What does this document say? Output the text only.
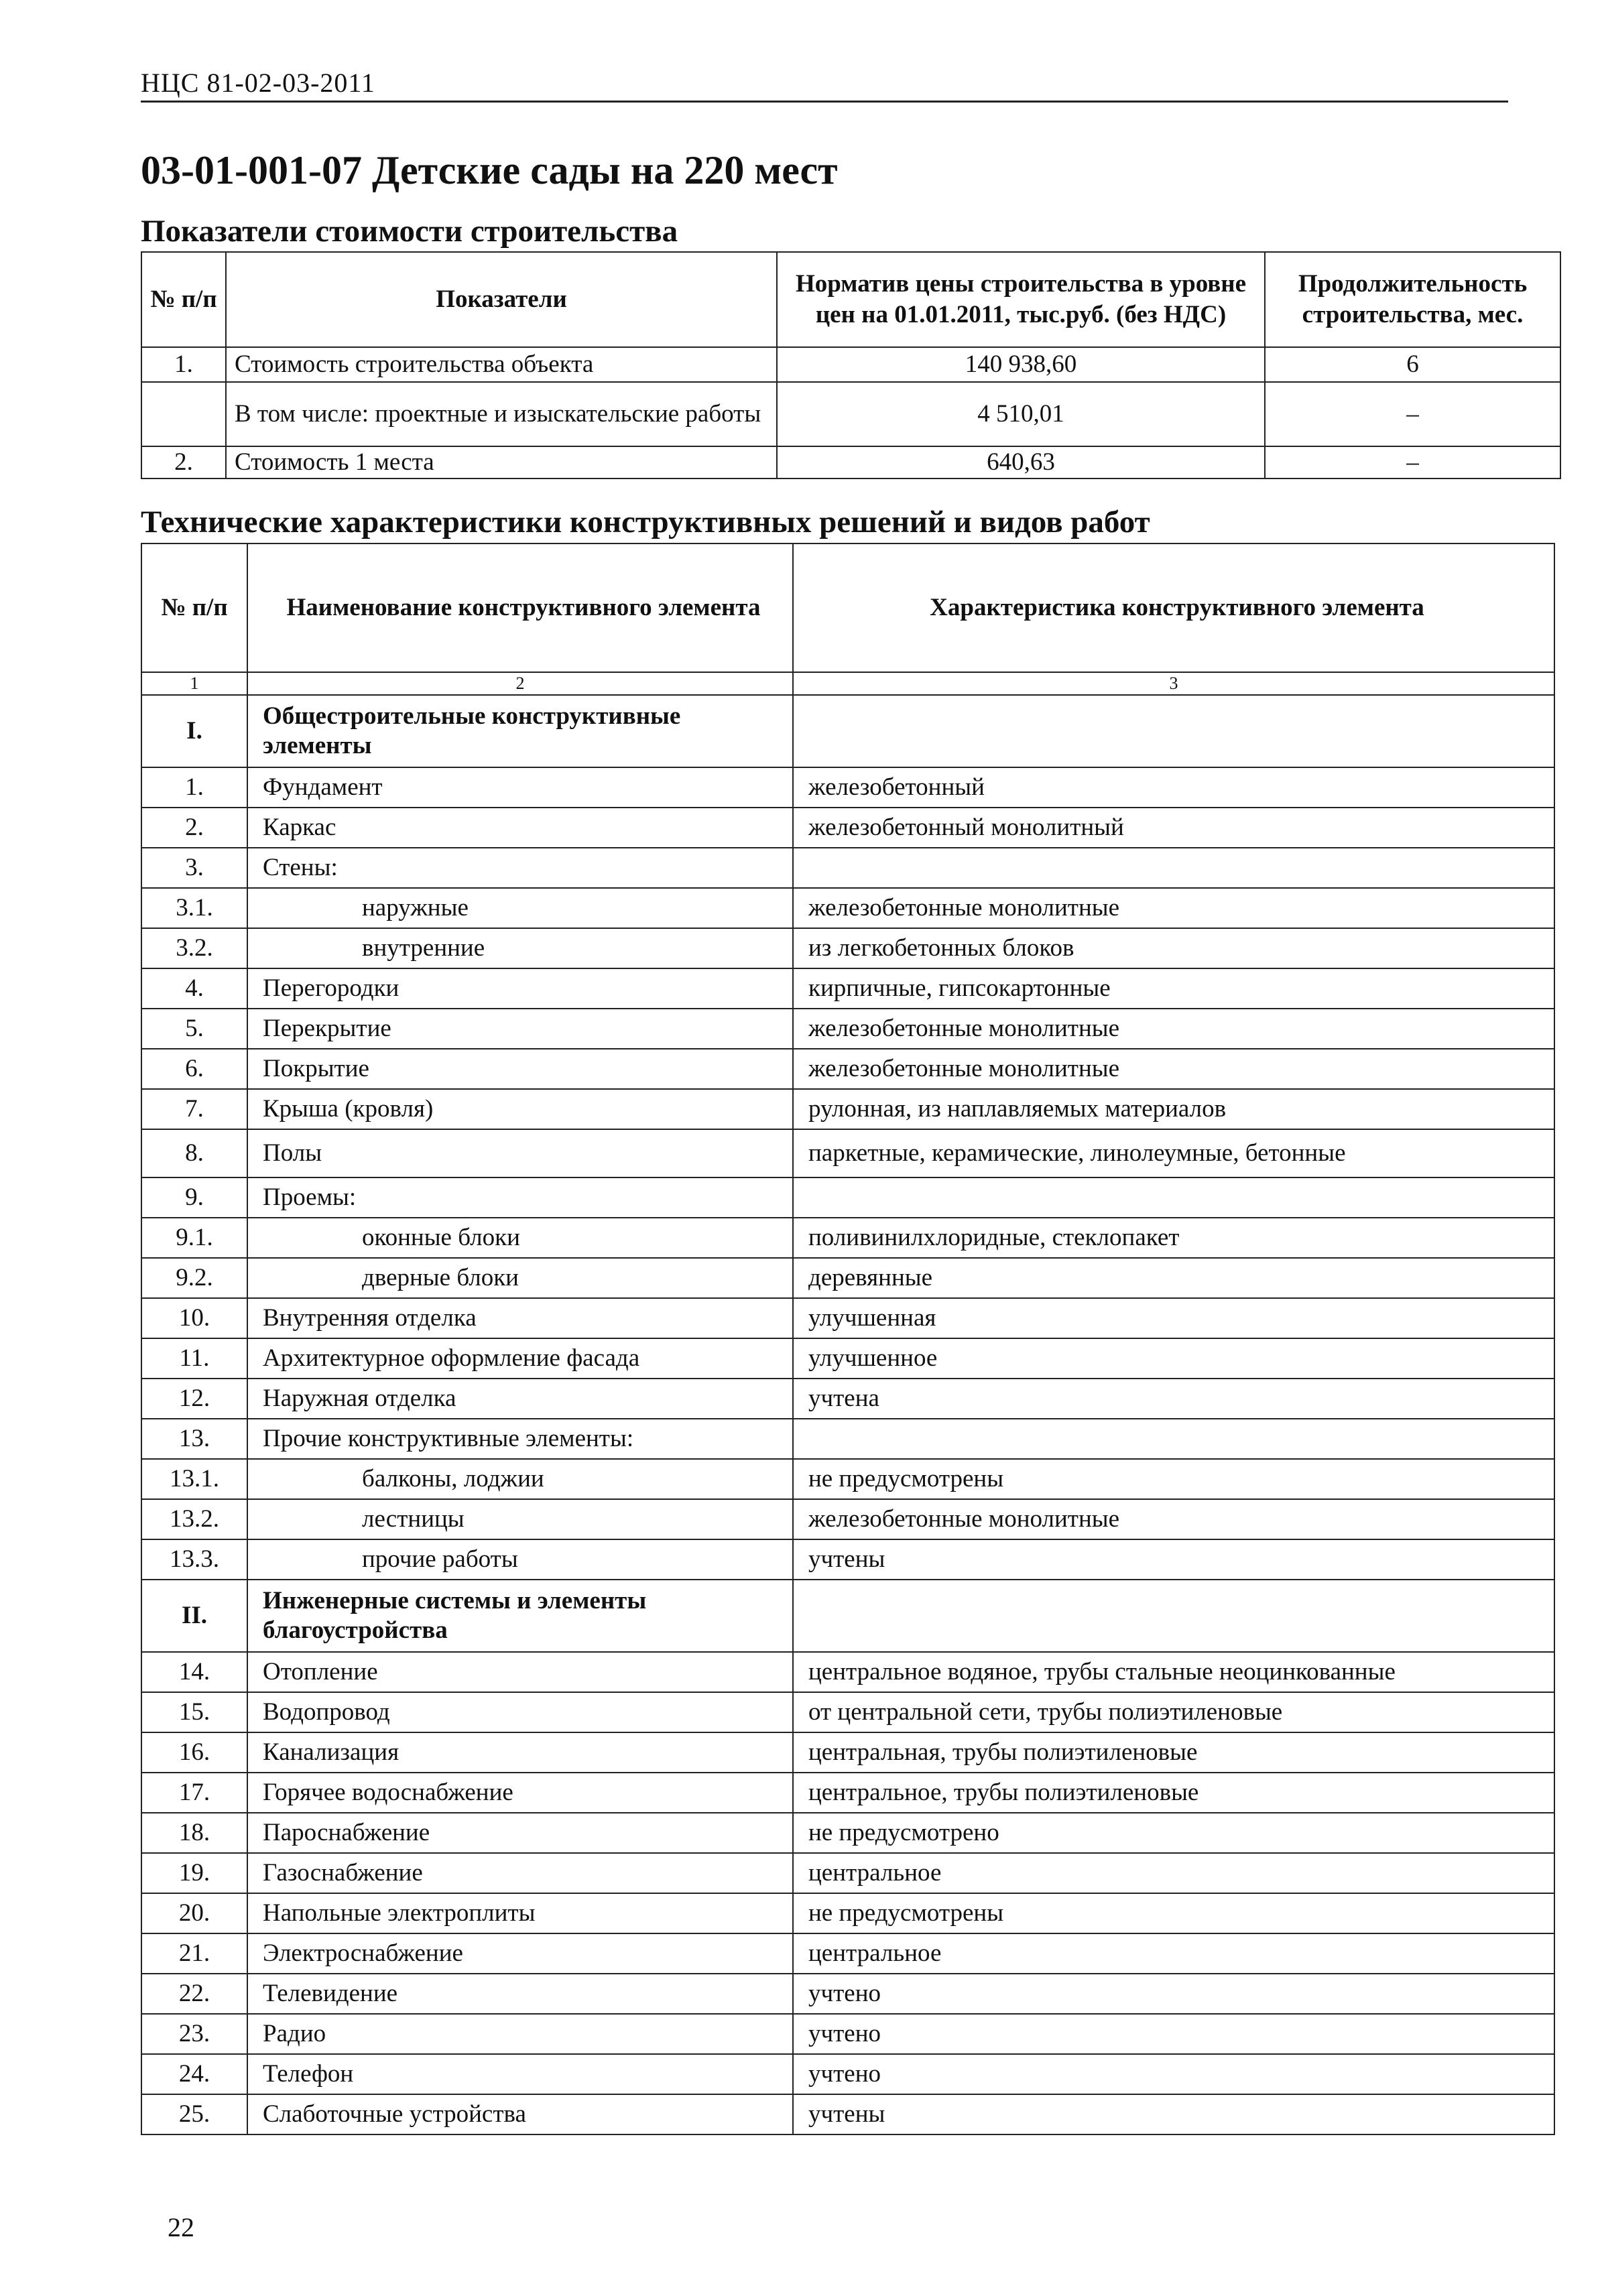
НЦС 81-02-03-2011
03-01-001-07 Детские сады на 220 мест
Показатели стоимости строительства
№ п/п	Показатели	Норматив цены строительства в уровне цен на 01.01.2011, тыс.руб. (без НДС)	Продолжительность строительства, мес.
1.	Стоимость строительства объекта	140 938,60	6
	В том числе: проектные и изыскательские работы	4 510,01	–
2.	Стоимость 1 места	640,63	–
Технические характеристики конструктивных решений и видов работ
№ п/п	Наименование конструктивного элемента	Характеристика конструктивного элемента
1	2	3
I.	Общестроительные конструктивные элементы	
1.	Фундамент	железобетонный
2.	Каркас	железобетонный монолитный
3.	Стены:	
3.1.	наружные	железобетонные монолитные
3.2.	внутренние	из легкобетонных блоков
4.	Перегородки	кирпичные, гипсокартонные
5.	Перекрытие	железобетонные монолитные
6.	Покрытие	железобетонные монолитные
7.	Крыша (кровля)	рулонная, из наплавляемых материалов
8.	Полы	паркетные, керамические, линолеумные, бетонные
9.	Проемы:	
9.1.	оконные блоки	поливинилхлоридные, стеклопакет
9.2.	дверные блоки	деревянные
10.	Внутренняя отделка	улучшенная
11.	Архитектурное оформление фасада	улучшенное
12.	Наружная отделка	учтена
13.	Прочие конструктивные элементы:	
13.1.	балконы, лоджии	не предусмотрены
13.2.	лестницы	железобетонные монолитные
13.3.	прочие работы	учтены
II.	Инженерные системы и элементы благоустройства	
14.	Отопление	центральное водяное, трубы стальные неоцинкованные
15.	Водопровод	от центральной сети, трубы полиэтиленовые
16.	Канализация	центральная, трубы полиэтиленовые
17.	Горячее водоснабжение	центральное, трубы полиэтиленовые
18.	Пароснабжение	не предусмотрено
19.	Газоснабжение	центральное
20.	Напольные электроплиты	не предусмотрены
21.	Электроснабжение	центральное
22.	Телевидение	учтено
23.	Радио	учтено
24.	Телефон	учтено
25.	Слаботочные устройства	учтены
22
